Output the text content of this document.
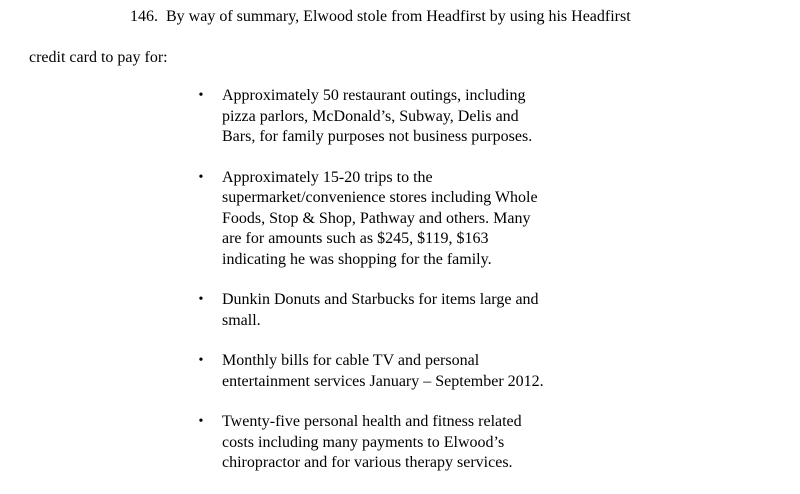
146. By way of summary, Elwood stole from Headfirst by using his Headfirst
credit card to pay for:
• Approximately 50 restaurant outings, including
pizza parlors, McDonald’s, Subway, Delis and
Bars, for family purposes not business purposes.
• Approximately 15-20 trips to the
supermarket/convenience stores including Whole
Foods, Stop & Shop, Pathway and others. Many
are for amounts such as $245, $119, $163
indicating he was shopping for the family.
• Dunkin Donuts and Starbucks for items large and
small.
• Monthly bills for cable TV and personal
entertainment services January – September 2012.
• Twenty-five personal health and fitness related
costs including many payments to Elwood’s
chiropractor and for various therapy services.
